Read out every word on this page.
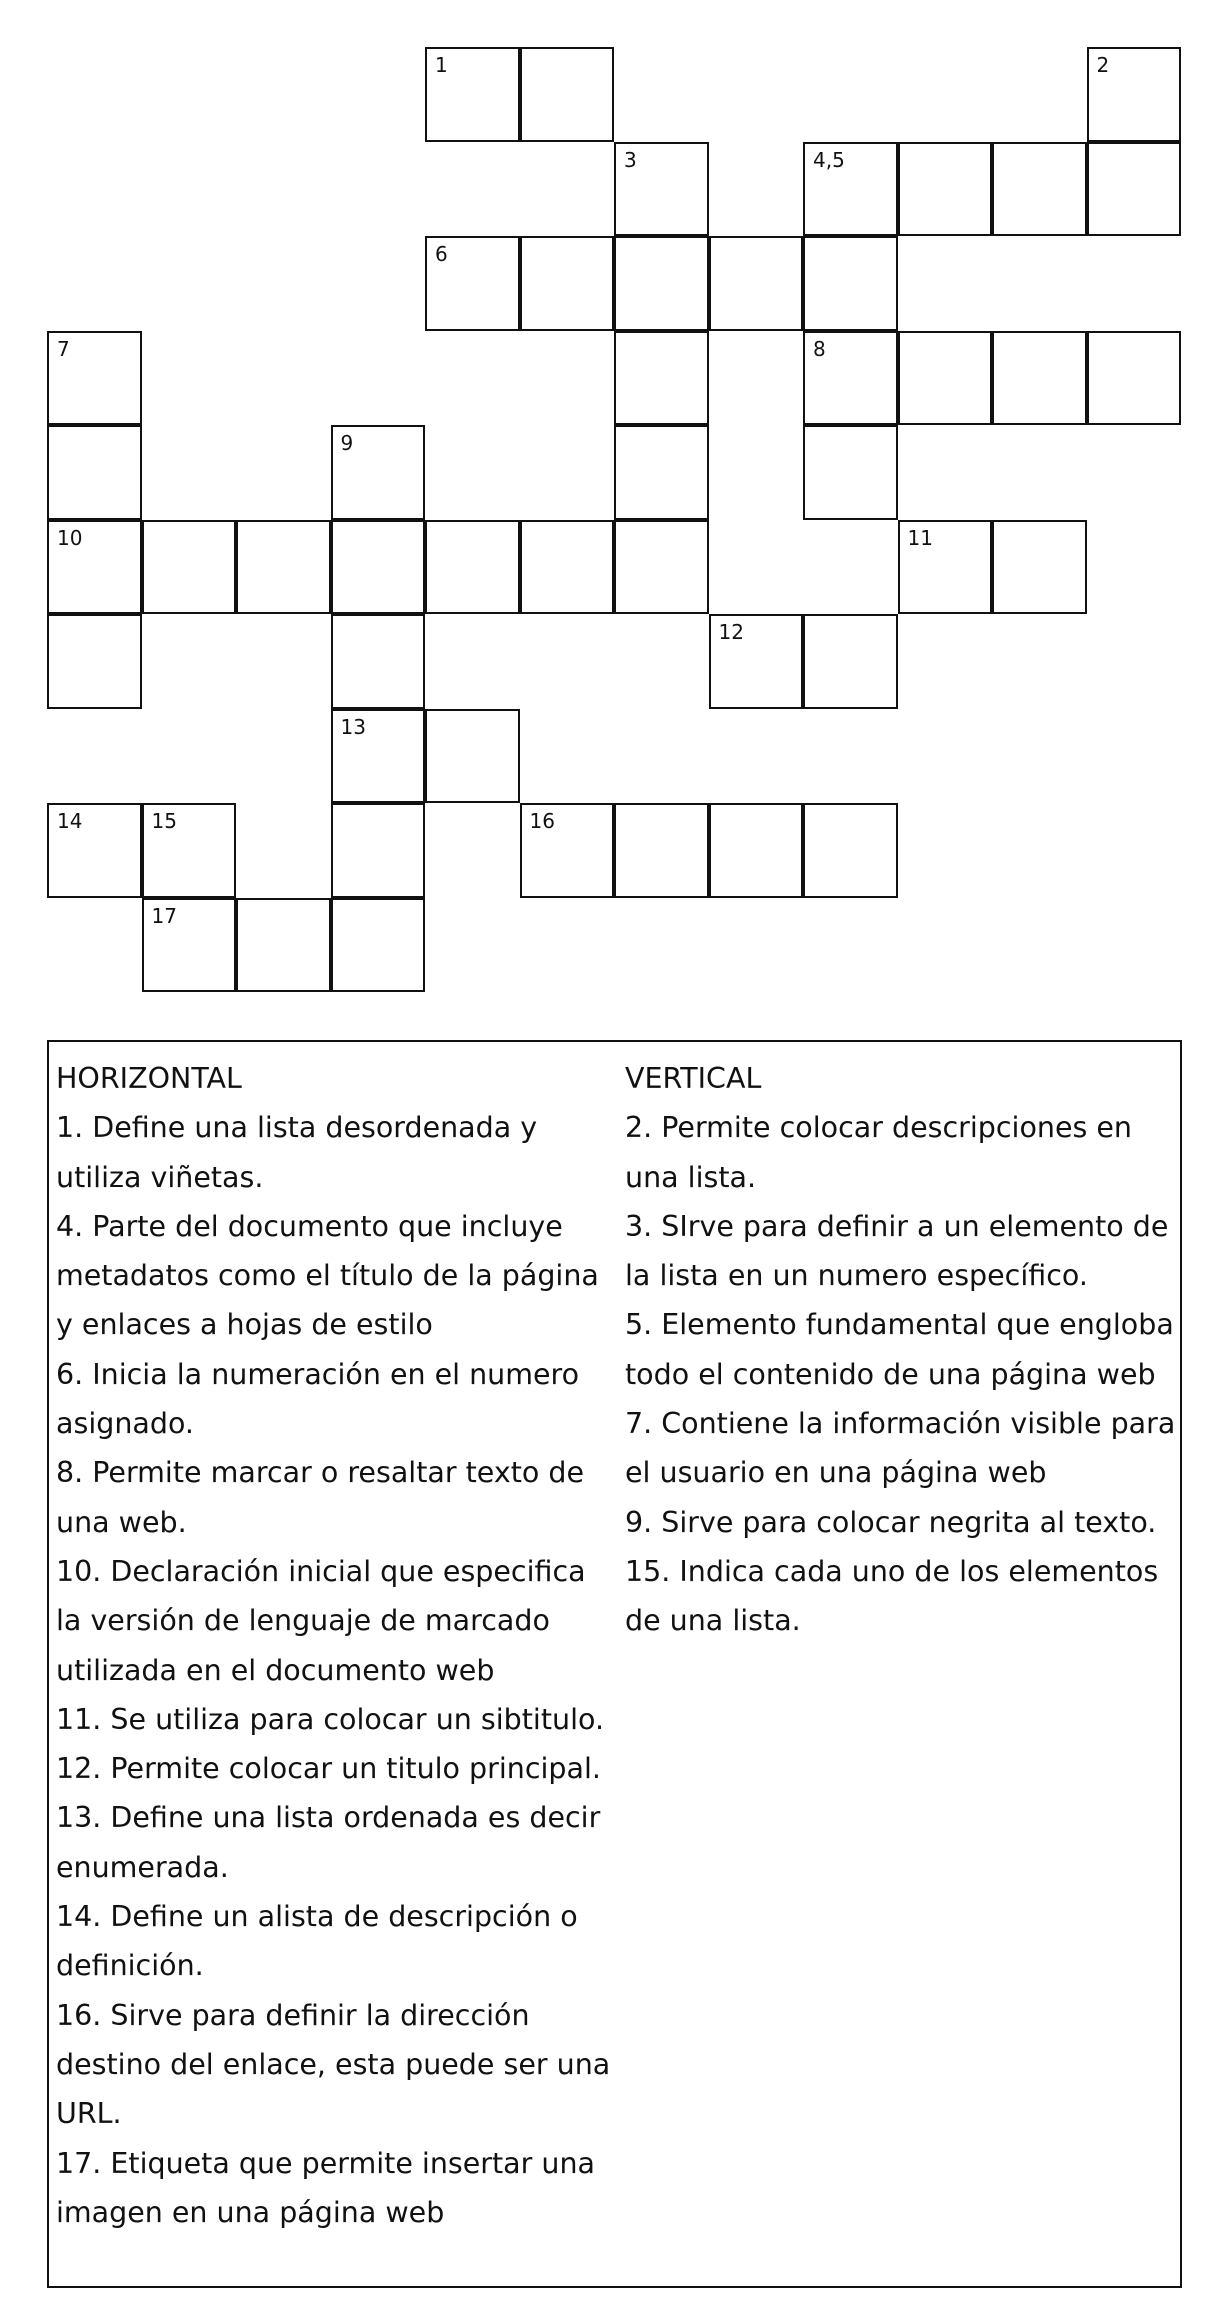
1	2
3	4,5
6
7	8
9
10	11
12
13
14	15	16
17

HORIZONTAL

1. Define una lista desordenada y utiliza viñetas.

4. Parte del documento que incluye metadatos como el título de la página y enlaces a hojas de estilo

6. Inicia la numeración en el numero asignado.

8. Permite marcar o resaltar texto de una web.

10. Declaración inicial que especifica la versión de lenguaje de marcado utilizada en el documento web

11. Se utiliza para colocar un sibtitulo.

12. Permite colocar un titulo principal.

13. Define una lista ordenada es decir enumerada.

14. Define un alista de descripción o definición.

16. Sirve para definir la dirección destino del enlace, esta puede ser una URL.

17. Etiqueta que permite insertar una imagen en una página web

VERTICAL

2. Permite colocar descripciones en una lista.

3. SIrve para definir a un elemento de la lista en un numero específico.

5. Elemento fundamental que engloba todo el contenido de una página web

7. Contiene la información visible para el usuario en una página web

9. Sirve para colocar negrita al texto.

15. Indica cada uno de los elementos de una lista.
